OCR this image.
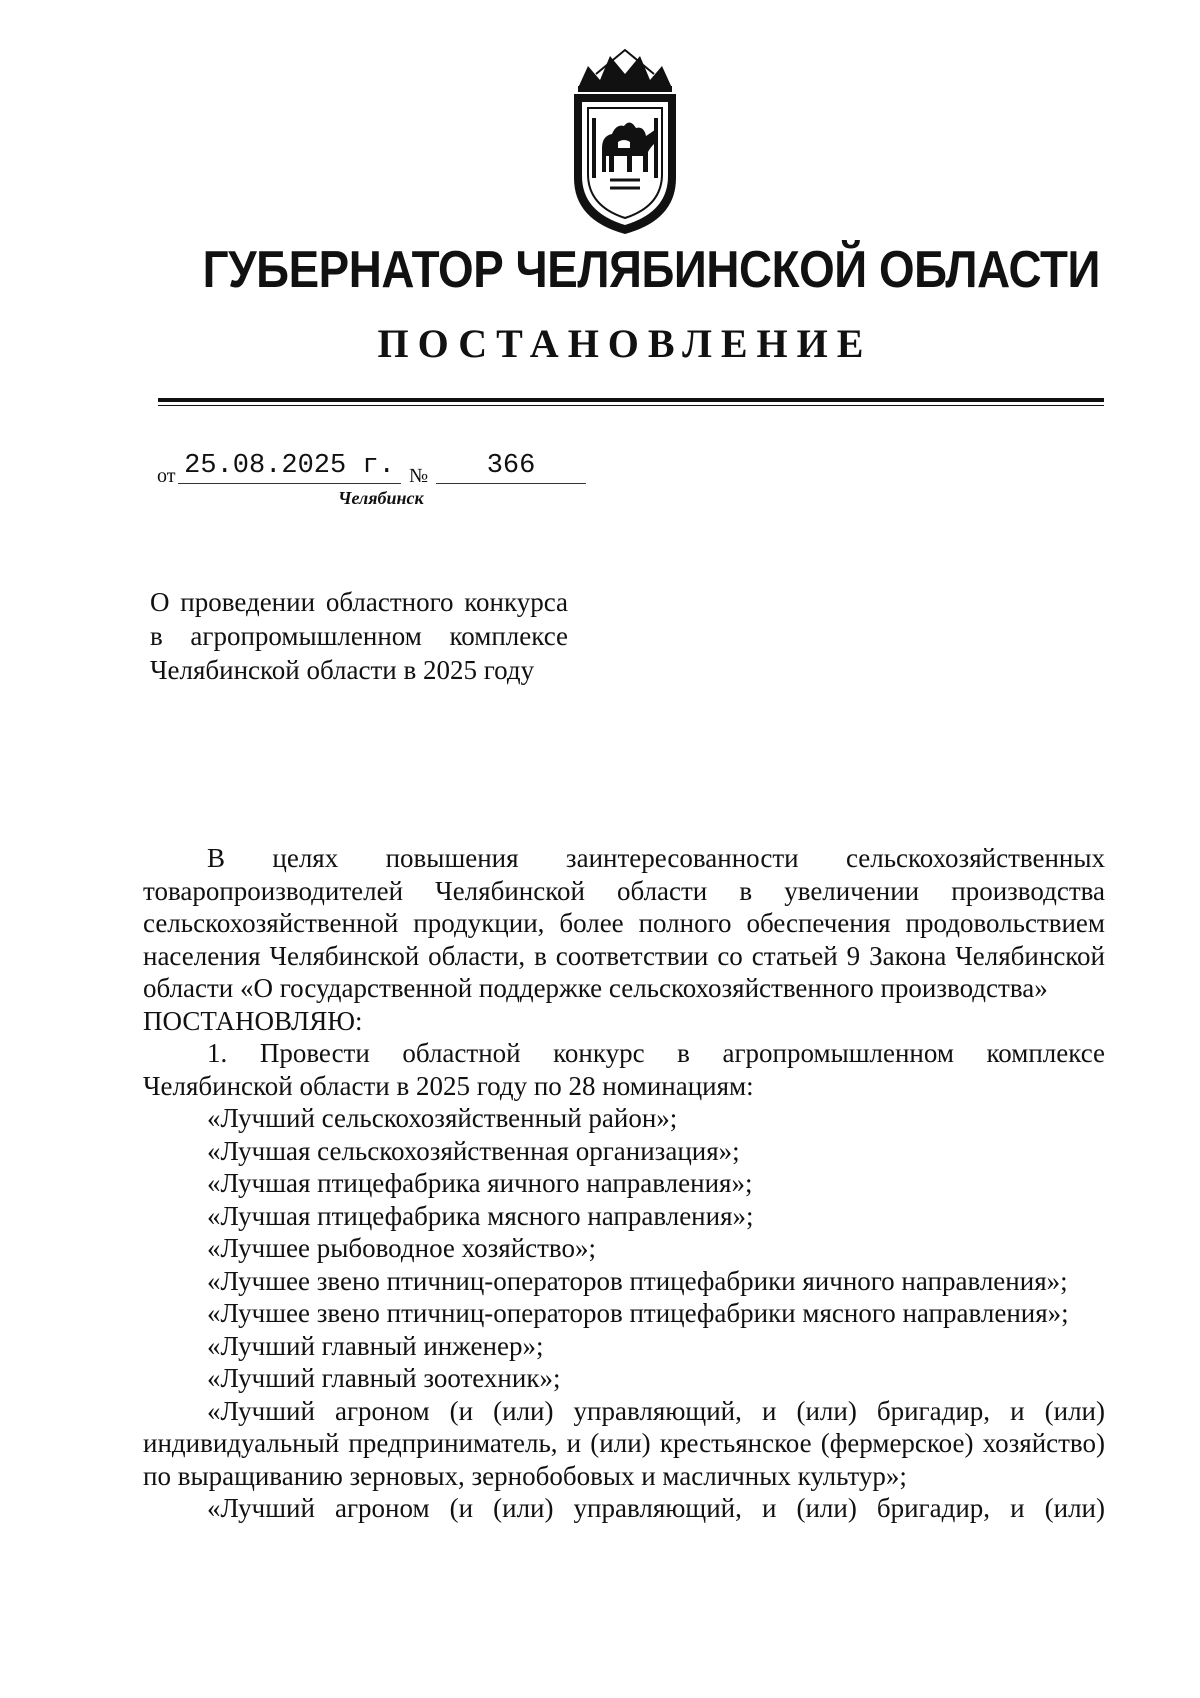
ГУБЕРНАТОР ЧЕЛЯБИНСКОЙ ОБЛАСТИ
ПОСТАНОВЛЕНИЕ
от 25.08.2025 г. №	366
Челябинск
О проведении областного конкурса в агропромышленном комплексе Челябинской области в 2025 году

В целях повышения заинтересованности сельскохозяйственных товаропроизводителей Челябинской области в увеличении производства сельскохозяйственной продукции, более полного обеспечения продовольствием населения Челябинской области, в соответствии со статьей 9 Закона Челябинской области «О государственной поддержке сельскохозяйственного производства»

ПОСТАНОВЛЯЮ:

1. Провести областной конкурс в агропромышленном комплексе Челябинской области в 2025 году по 28 номинациям:

«Лучший сельскохозяйственный район»;

«Лучшая сельскохозяйственная организация»;

«Лучшая птицефабрика яичного направления»;

«Лучшая птицефабрика мясного направления»;

«Лучшее рыбоводное хозяйство»;

«Лучшее звено птичниц-операторов птицефабрики яичного направления»;

«Лучшее звено птичниц-операторов птицефабрики мясного направления»;

«Лучший главный инженер»;

«Лучший главный зоотехник»;

«Лучший агроном (и (или) управляющий, и (или) бригадир, и (или) индивидуальный предприниматель, и (или) крестьянское (фермерское) хозяйство) по выращиванию зерновых, зернобобовых и масличных культур»;

«Лучший агроном (и (или) управляющий, и (или) бригадир, и (или)
